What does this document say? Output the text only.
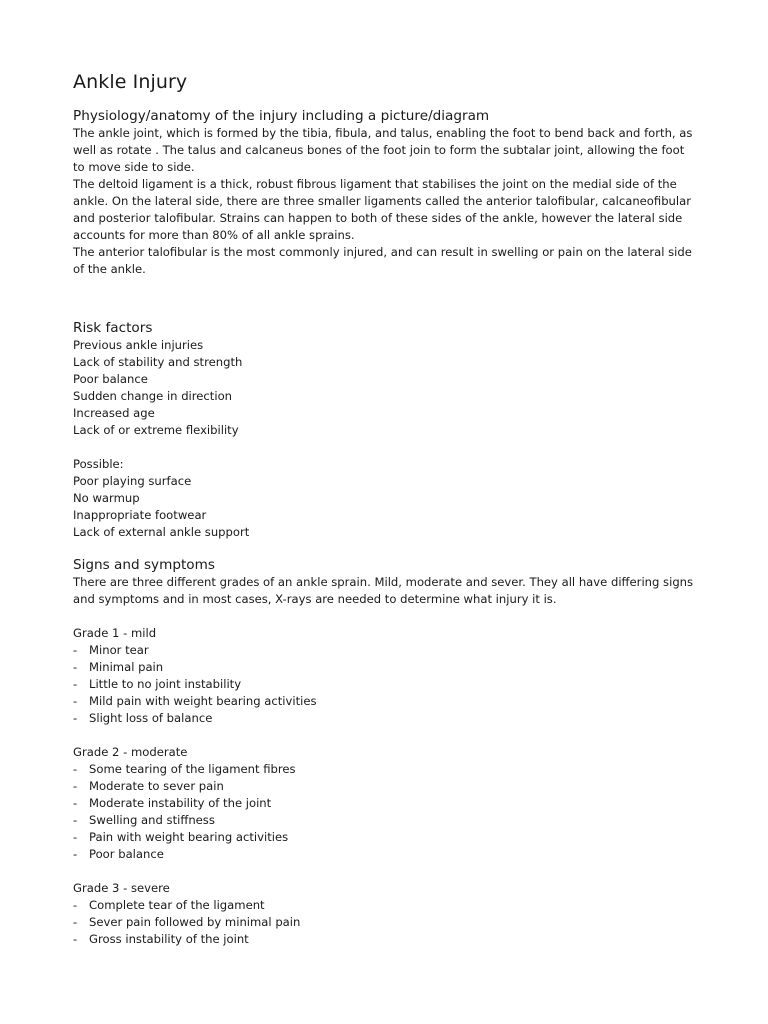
Ankle Injury
Physiology/anatomy of the injury including a picture/diagram

The ankle joint, which is formed by the tibia, fibula, and talus, enabling the foot to bend back and forth, as well as rotate . The talus and calcaneus bones of the foot join to form the subtalar joint, allowing the foot to move side to side.

The deltoid ligament is a thick, robust fibrous ligament that stabilises the joint on the medial side of the ankle. On the lateral side, there are three smaller ligaments called the anterior talofibular, calcaneofibular and posterior talofibular. Strains can happen to both of these sides of the ankle, however the lateral side accounts for more than 80% of all ankle sprains.

The anterior talofibular is the most commonly injured, and can result in swelling or pain on the lateral side of the ankle.

Risk factors
Previous ankle injuries
Lack of stability and strength
Poor balance
Sudden change in direction
Increased age
Lack of or extreme flexibility
Possible:
Poor playing surface
No warmup
Inappropriate footwear
Lack of external ankle support
Signs and symptoms

There are three different grades of an ankle sprain. Mild, moderate and sever. They all have differing signs and symptoms and in most cases, X-rays are needed to determine what injury it is.

Grade 1 - mild
- Minor tear
- Minimal pain
- Little to no joint instability
- Mild pain with weight bearing activities
- Slight loss of balance
Grade 2 - moderate
- Some tearing of the ligament fibres
- Moderate to sever pain
- Moderate instability of the joint
- Swelling and stiffness
- Pain with weight bearing activities
- Poor balance
Grade 3 - severe
- Complete tear of the ligament
- Sever pain followed by minimal pain
- Gross instability of the joint
